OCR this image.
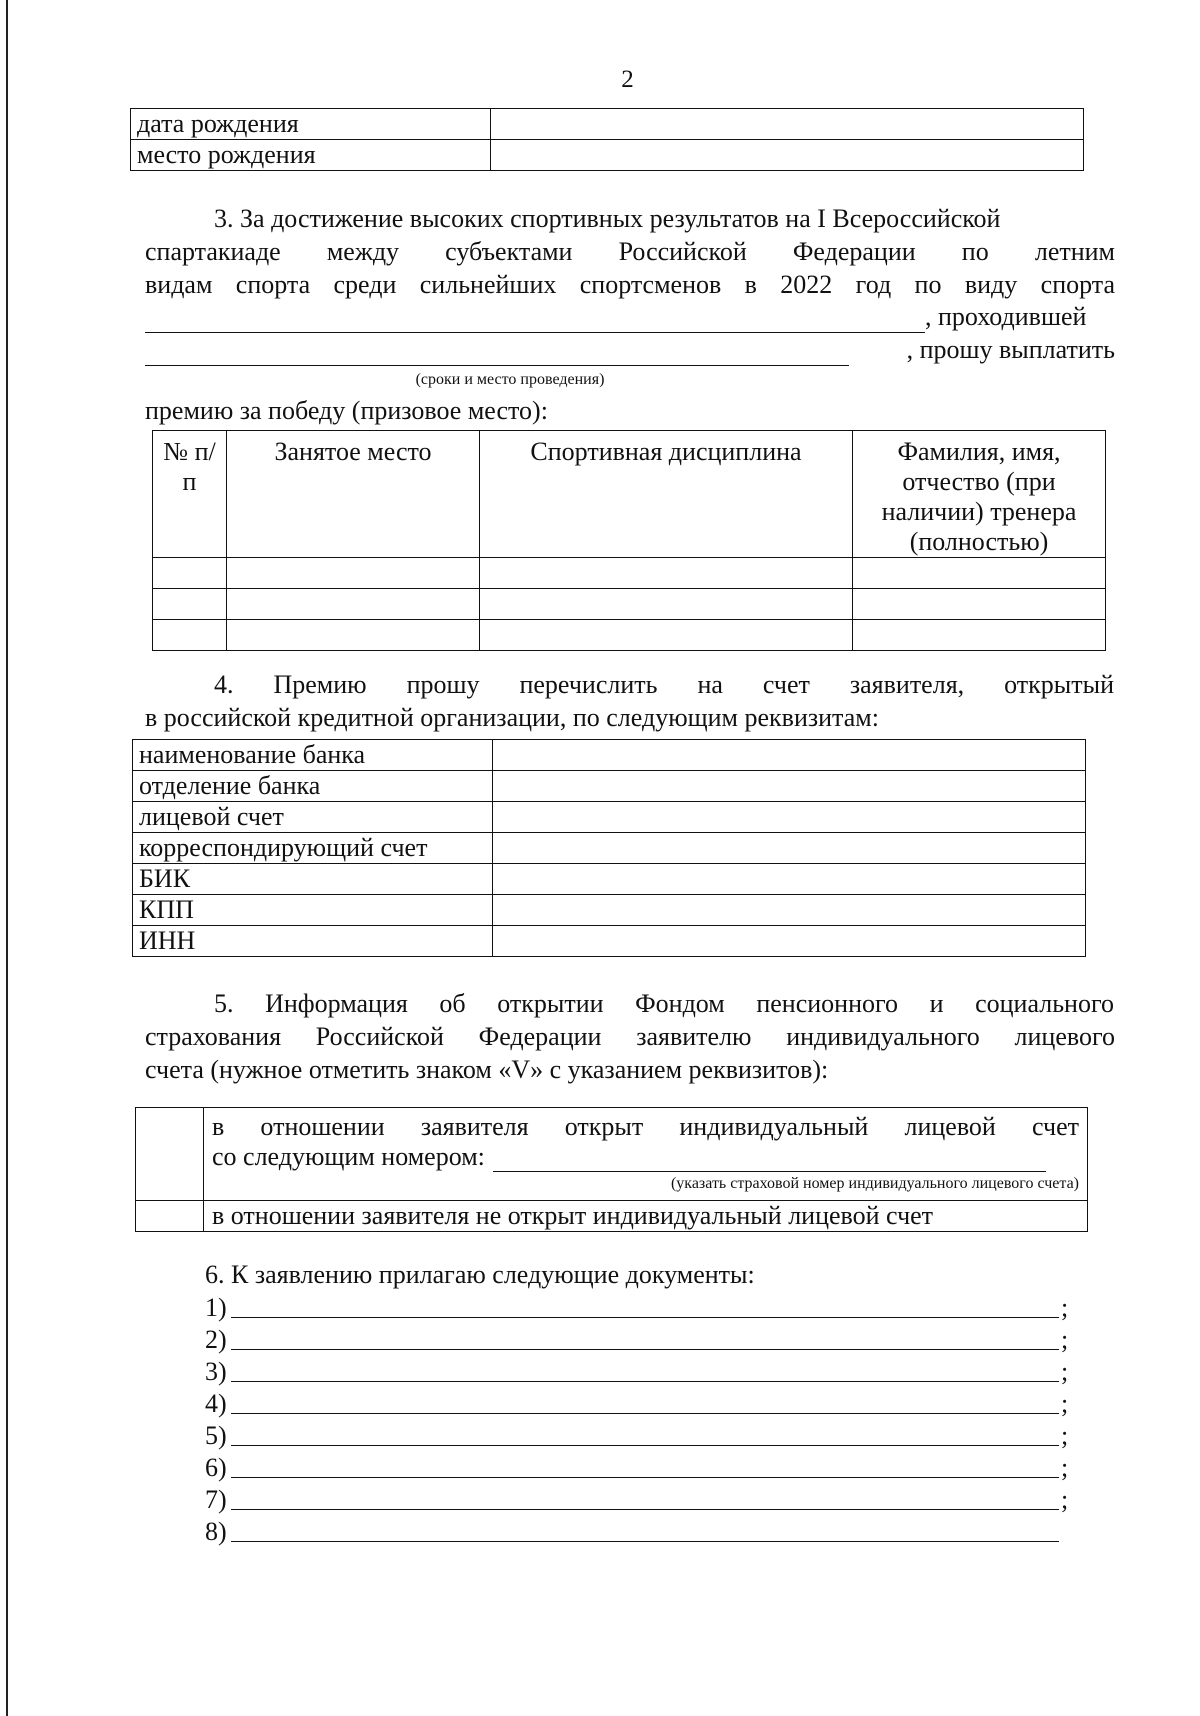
2
дата рождения	
место рождения	
3. За достижение высоких спортивных результатов на I Всероссийской
спартакиаде между субъектами Российской Федерации по летним
видам спорта среди сильнейших спортсменов в 2022 год по виду спорта
, проходившей
, прошу выплатить
(сроки и место проведения)
премию за победу (призовое место):
№ п/п	Занятое место	Спортивная дисциплина	Фамилия, имя, отчество (при наличии) тренера (полностью)

4. Премию прошу перечислить на счет заявителя, открытый
в российской кредитной организации, по следующим реквизитам:
наименование банка	
отделение банка	
лицевой счет	
корреспондирующий счет	
БИК	
КПП	
ИНН	
5. Информация об открытии Фондом пенсионного и социального
страхования Российской Федерации заявителю индивидуального лицевого
счета (нужное отметить знаком «V» с указанием реквизитов):

	в отношении заявителя открыт индивидуальный лицевой счет
со следующим номером:
(указать страховой номер индивидуального лицевого счета)

	в отношении заявителя не открыт индивидуальный лицевой счет
6. К заявлению прилагаю следующие документы:
1)	;
2)	;
3)	;
4)	;
5)	;
6)	;
7)	;
8)
